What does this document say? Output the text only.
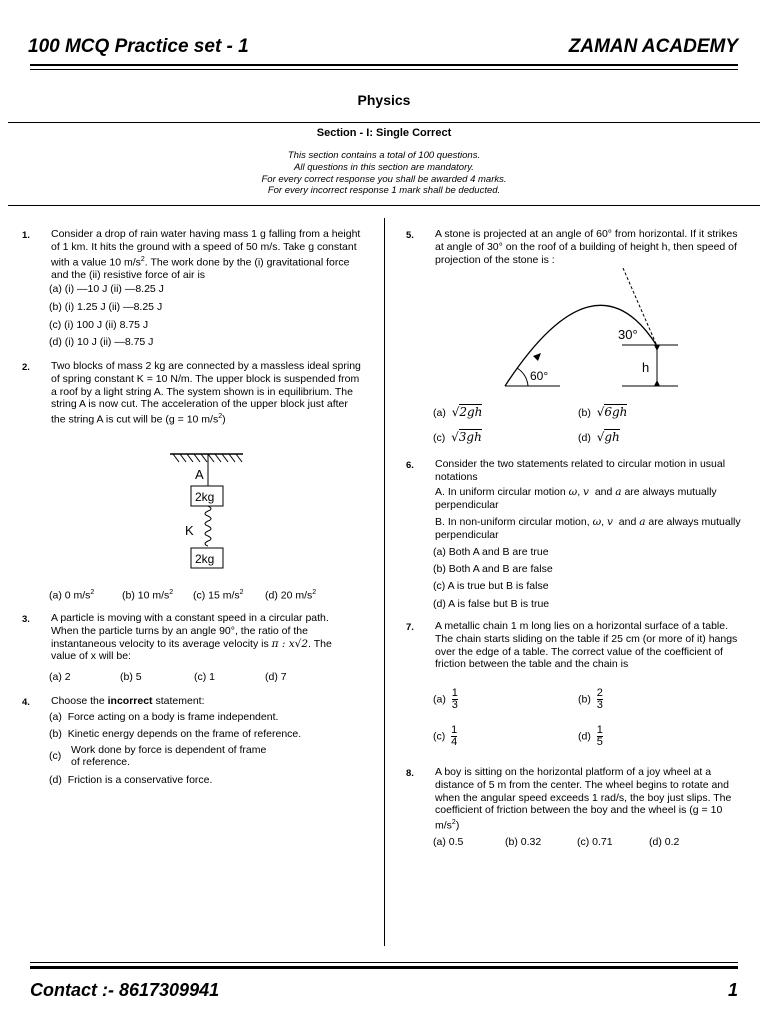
100 MCQ Practice set - 1	ZAMAN ACADEMY
Physics
Section - I: Single Correct
This section contains a total of 100 questions.
All questions in this section are mandatory.
For every correct response you shall be awarded 4 marks.
For every incorrect response 1 mark shall be deducted.
1. Consider a drop of rain water having mass 1 g falling from a height of 1 km. It hits the ground with a speed of 50 m/s. Take g constant with a value 10 $m/s^2$. The work done by the (i) gravitational force and the (ii) resistive force of air is
(a) (i) —10 J (ii) —8.25 J
(b) (i) 1.25 J (ii) —8.25 J
(c) (i) 100 J (ii) 8.75 J
(d) (i) 10 J (ii) —8.75 J
2. Two blocks of mass 2 kg are connected by a massless ideal spring of spring constant K = 10 N/m. The upper block is suspended from a roof by a light string A. The system shown is in equilibrium. The string A is now cut. The acceleration of the upper block just after the string A is cut will be (g = 10 $m/s^2$)
A
2kg
K
2kg
(a) 0 $m/s^2$	(b) 10 $m/s^2$ (c) 15 $m/s^2$ (d) 20 $m/s^2$
3. A particle is moving with a constant speed in a circular path. When the particle turns by an angle 90°, the ratio of the instantaneous velocity to its average velocity is π : x√2. The value of x will be:
(a) 2	(b) 5	(c) 1	(d) 7
4. Choose the incorrect statement:
(a) Force acting on a body is frame independent.
(b) Kinetic energy depends on the frame of reference.
(c) Work done by force is dependent of frame
of reference.
(d) Friction is a conservative force.
5. A stone is projected at an angle of 60° from horizontal. If it strikes at angle of 30° on the roof of a building of height h, then speed of projection of the stone is :
60°
30°
h
(a) √2gh	(b) √6gh
(c) √3gh	(d) √gh
6. Consider the two statements related to circular motion in usual notations
A. In uniform circular motion ω, v and a are always mutually perpendicular
B. In non-uniform circular motion, ω, v and a are always mutually perpendicular
(a) Both A and B are true
(b) Both A and B are false
(c) A is true but B is false
(d) A is false but B is true
7. A metallic chain 1 m long lies on a horizontal surface of a table. The chain starts sliding on the table if 25 cm (or more of it) hangs over the edge of a table. The correct value of the coefficient of friction between the table and the chain is
$(a) \frac{1}{3}$	$(b) \frac{2}{3}$
$(c) \frac{1}{4}$	$(d) \frac{1}{5}$
8. A boy is sitting on the horizontal platform of a joy wheel at a distance of 5 m from the center. The wheel begins to rotate and when the angular speed exceeds 1 rad/s, the boy just slips. The coefficient of friction between the boy and the wheel is (g = 10 $m/s^2$)
(a) 0.5	(b) 0.32	(c) 0.71	(d) 0.2
Contact :- 8617309941	1
